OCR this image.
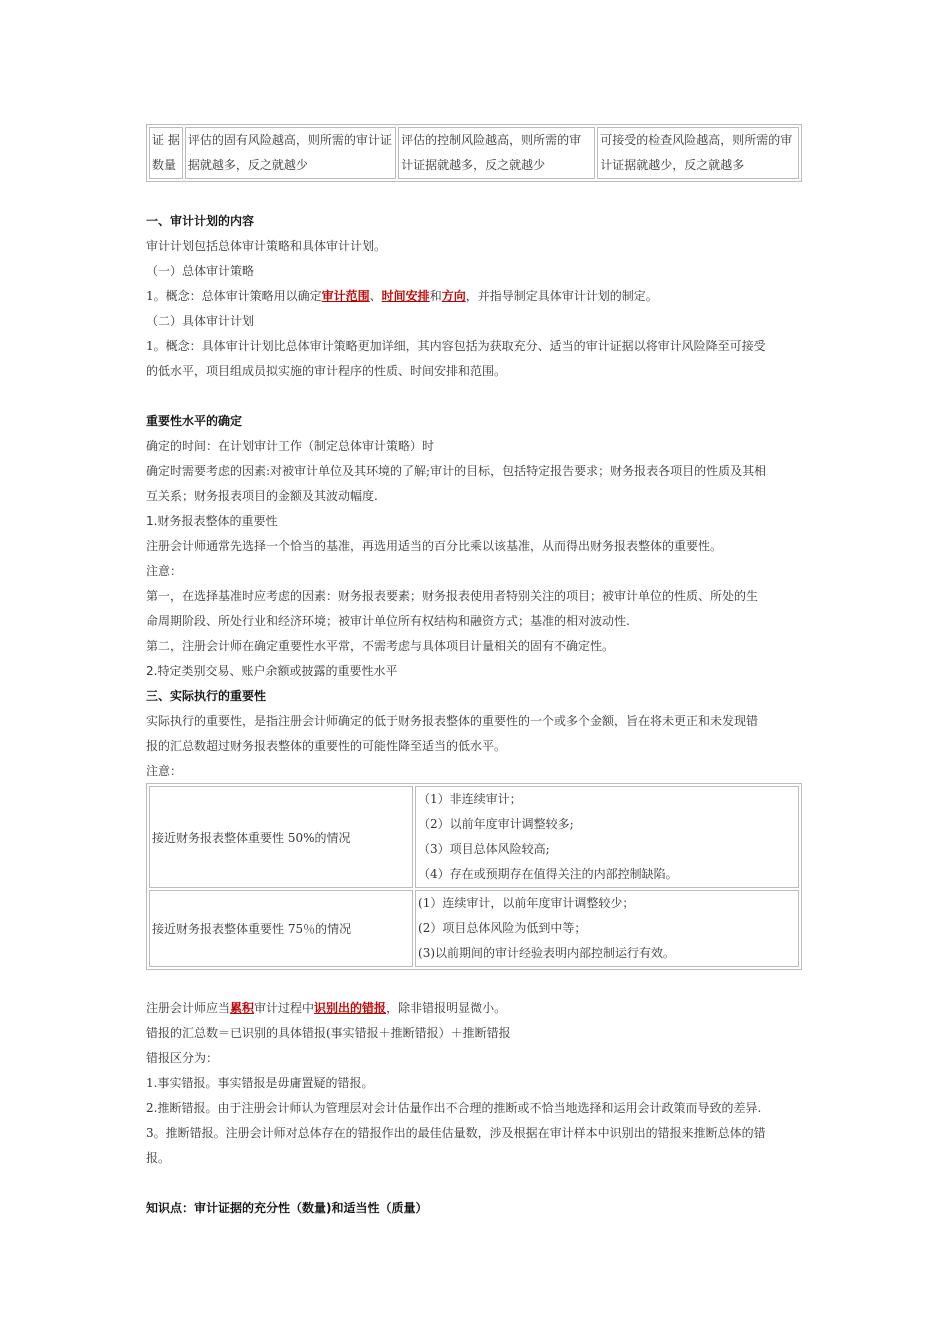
证 据
数量

评估的固有风险越高，则所需的审计证
据就越多，反之就越少

评估的控制风险越高，则所需的审
计证据就越多，反之就越少

可接受的检查风险越高，则所需的审
计证据就越少，反之就越多
一、审计计划的内容
审计计划包括总体审计策略和具体审计计划。
（一）总体审计策略
1。概念：总体审计策略用以确定审计范围、时间安排和方向，并指导制定具体审计计划的制定。
（二）具体审计计划
1。概念：具体审计计划比总体审计策略更加详细，其内容包括为获取充分、适当的审计证据以将审计风险降至可接受
的低水平，项目组成员拟实施的审计程序的性质、时间安排和范围。
重要性水平的确定
确定的时间：在计划审计工作（制定总体审计策略）时
确定时需要考虑的因素:对被审计单位及其环境的了解;审计的目标，包括特定报告要求；财务报表各项目的性质及其相
互关系；财务报表项目的金额及其波动幅度.
1.财务报表整体的重要性
注册会计师通常先选择一个恰当的基准，再选用适当的百分比乘以该基准，从而得出财务报表整体的重要性。
注意：
第一，在选择基准时应考虑的因素：财务报表要素；财务报表使用者特别关注的项目；被审计单位的性质、所处的生
命周期阶段、所处行业和经济环境；被审计单位所有权结构和融资方式；基准的相对波动性.
第二，注册会计师在确定重要性水平常，不需考虑与具体项目计量相关的固有不确定性。
2.特定类别交易、账户余额或披露的重要性水平
三、实际执行的重要性
实际执行的重要性，是指注册会计师确定的低于财务报表整体的重要性的一个或多个金额，旨在将未更正和未发现错
报的汇总数超过财务报表整体的重要性的可能性降至适当的低水平。
注意：
注册会计师应当累积审计过程中识别出的错报，除非错报明显微小。
错报的汇总数＝已识别的具体错报(事实错报＋推断错报）＋推断错报
错报区分为：
1.事实错报。事实错报是毋庸置疑的错报。
2.推断错报。由于注册会计师认为管理层对会计估量作出不合理的推断或不恰当地选择和运用会计政策而导致的差异.
3。推断错报。注册会计师对总体存在的错报作出的最佳估量数，涉及根据在审计样本中识别出的错报来推断总体的错
报。
知识点：审计证据的充分性（数量)和适当性（质量）
接近财务报表整体重要性 50%的情况	（1）非连续审计；
（2）以前年度审计调整较多;
（3）项目总体风险较高;
（4）存在或预期存在值得关注的内部控制缺陷。

接近财务报表整体重要性 75％的情况	(1）连续审计，以前年度审计调整较少；
(2）项目总体风险为低到中等；
(3)以前期间的审计经验表明内部控制运行有效。
